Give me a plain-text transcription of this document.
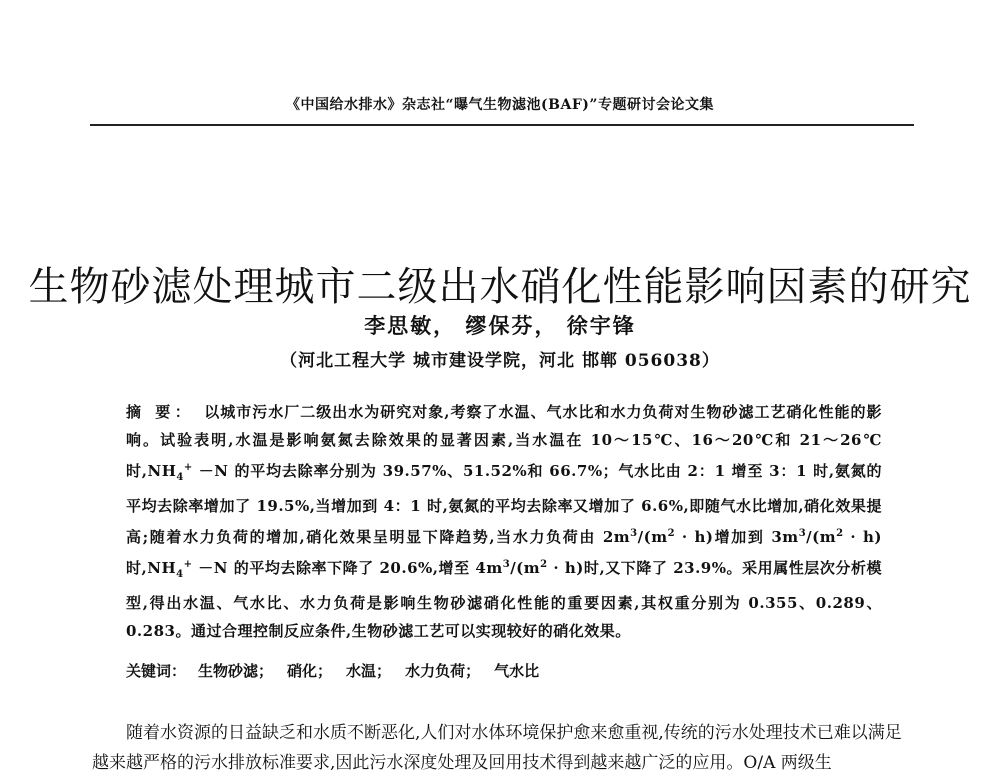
《中国给水排水》杂志社“曝气生物滤池(BAF)”专题研讨会论文集
生物砂滤处理城市二级出水硝化性能影响因素的研究
李思敏， 缪保芬， 徐宇锋
（河北工程大学 城市建设学院，河北 邯郸 056038）

摘 要： 以城市污水厂二级出水为研究对象,考察了水温、气水比和水力负荷对生物砂滤工艺硝化性能的影响。试验表明,水温是影响氨氮去除效果的显著因素,当水温在 10～15℃、16～20℃和 21～26℃时$,NH_4^+ -N$ 的平均去除率分别为 39.57%、51.52%和 66.7%；气水比由 2：1 增至 3：1 时,氨氮的平均去除率增加了 19.5%,当增加到 4：1 时,氨氮的平均去除率又增加了 6.6%,即随气水比增加,硝化效果提高;随着水力负荷的增加,硝化效果呈明显下降趋势,当水力负荷由 $2m^3/(m^2 \cdot h)$增加到 $3m^3/(m^2 \cdot h)$时$,NH_4^+ -N$ 的平均去除率下降了 20.6%,增至 $4m^3/(m^2 \cdot h)$时,又下降了 23.9%。采用属性层次分析模型,得出水温、气水比、水力负荷是影响生物砂滤硝化性能的重要因素,其权重分别为 0.355、0.289、0.283。通过合理控制反应条件,生物砂滤工艺可以实现较好的硝化效果。

关键词： 生物砂滤； 硝化； 水温； 水力负荷； 气水比

随着水资源的日益缺乏和水质不断恶化,人们对水体环境保护愈来愈重视,传统的污水处理技术已难以满足越来越严格的污水排放标准要求,因此污水深度处理及回用技术得到越来越广泛的应用。O/A 两级生
